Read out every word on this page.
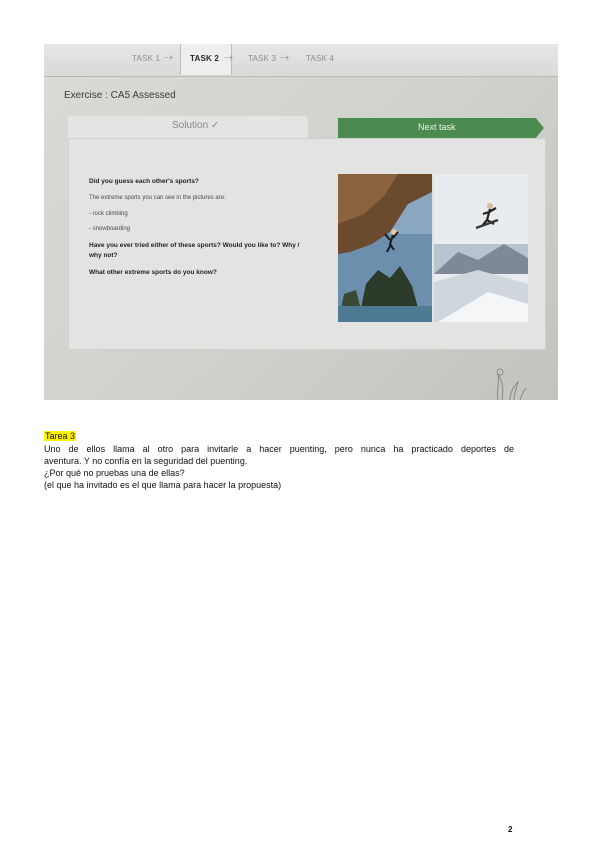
TASK 1 ⇢ TASK 2 ⇢ TASK 3 ⇢ TASK 4
Exercise : CA5 Assessed
Solution ✓	Next task
Did you guess each other's sports?
The extreme sports you can see in the pictures are:
- rock climbing
- snowboarding
Have you ever tried either of these sports? Would you like to? Why /
why not?
What other extreme sports do you know?
Tarea 3
Uno de ellos llama al otro para invitarle a hacer puenting, pero nunca ha practicado deportes de
aventura. Y no confía en la seguridad del puenting.
¿Por qué no pruebas una de ellas?
(el que ha invitado es el que llama para hacer la propuesta)
2
